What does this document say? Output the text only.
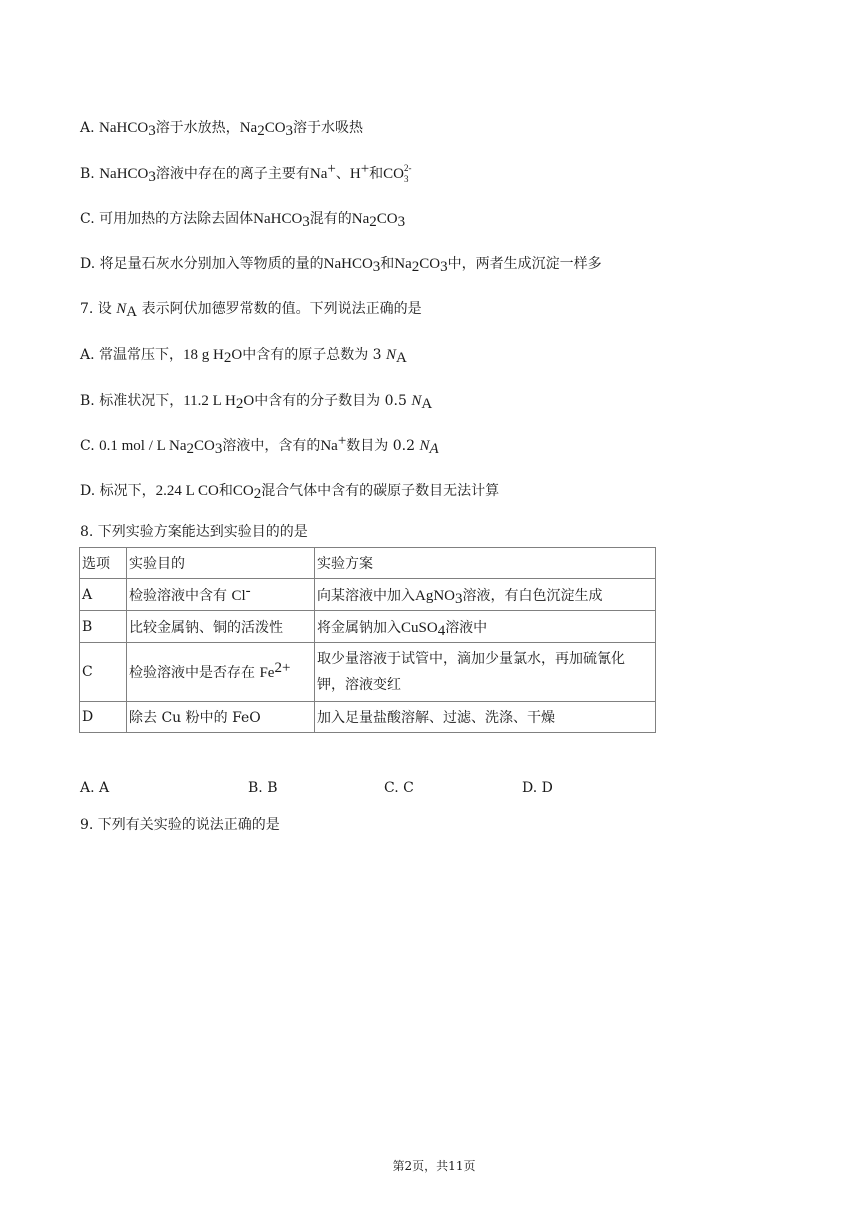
A. NaHCO$_3$溶于水放热，$Na_2CO_3$溶于水吸热
B. NaHCO$_3$溶液中存在的离子主要有Na+、H+和CO 2-
3
C. 可用加热的方法除去固体NaHCO$_3$混有的$Na_2CO_3$
D. 将足量石灰水分别加入等物质的量的NaHCO$_3$和$Na_2CO_3$中，两者生成沉淀一样多
7. 设 $N_A$ 表示阿伏加德罗常数的值。下列说法正确的是
A. 常温常压下，18 g $H_2O$中含有的原子总数为 3 $N_A$
B. 标准状况下，11.2 L $H_2O$中含有的分子数目为 0.5 $N_A$
C. 0.1 mol / L $Na_2CO_3$溶液中，含有的Na+数目为 0.2 $N_A$
D. 标况下，2.24 L CO和$CO_2$混合气体中含有的碳原子数目无法计算
8. 下列实验方案能达到实验目的的是
选项	实验目的	实验方案
A	检验溶液中含有 Cl-	向某溶液中加入AgNO$_3$溶液，有白色沉淀生成
B	比较金属钠、铜的活泼性	将金属钠加入CuSO$_4$溶液中
C	检验溶液中是否存在 $Fe^{2+}$	取少量溶液于试管中，滴加少量氯水，再加硫氰化
钾，溶液变红

D	除去 Cu 粉中的 FeO	加入足量盐酸溶解、过滤、洗涤、干燥
A. A	B. B	C. C	D. D
9. 下列有关实验的说法正确的是
第2页，共11页
